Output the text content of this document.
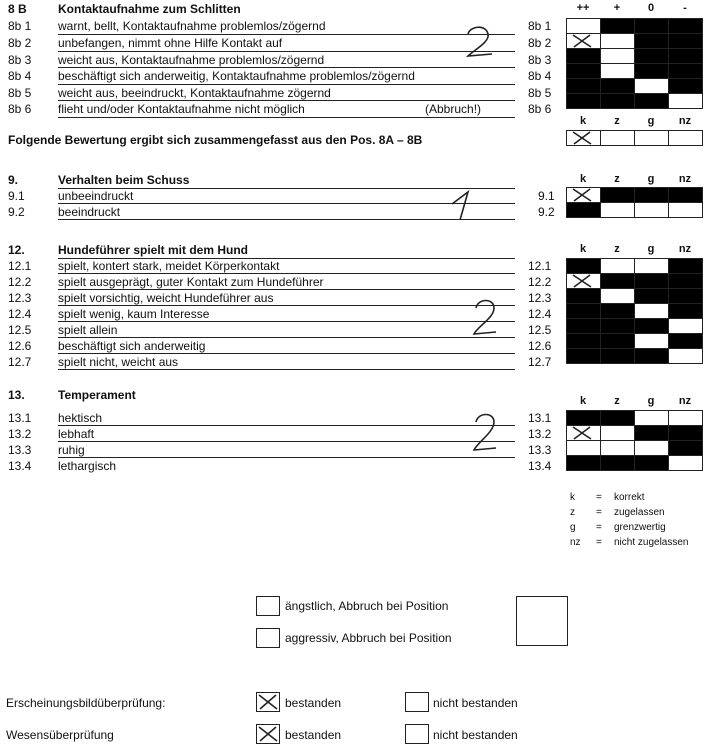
8 B	Kontaktaufnahme zum Schlitten	++	+	0	-
8b 1 warnt, bellt, Kontaktaufnahme problemlos/zögernd	8b 1
8b 2 unbefangen, nimmt ohne Hilfe Kontakt auf	8b 2
8b 3 weicht aus, Kontaktaufnahme problemlos/zögernd	8b 3
8b 4 beschäftigt sich anderweitig, Kontaktaufnahme problemlos/zögernd	8b 4
8b 5 weicht aus, beeindruckt, Kontaktaufnahme zögernd	8b 5
8b 6 flieht und/oder Kontaktaufnahme nicht möglich	(Abbruch!)	8b 6

Folgende Bewertung ergibt sich zusammengefasst aus den Pos. 8A – 8B
k	z	g	nz

9.	Verhalten beim Schuss	k	z	g	nz
9.1	unbeeindruckt	9.1
9.2	beeindruckt	9.2

12.	Hundeführer spielt mit dem Hund	k	z	g	nz
12.1 spielt, kontert stark, meidet Körperkontakt	12.1
12.2 spielt ausgeprägt, guter Kontakt zum Hundeführer	12.2
12.3 spielt vorsichtig, weicht Hundeführer aus	12.3
12.4 spielt wenig, kaum Interesse	12.4
12.5 spielt allein	12.5
12.6 beschäftigt sich anderweitig	12.6
12.7 spielt nicht, weicht aus	12.7

13.	Temperament	k	z	g	nz
13.1 hektisch	13.1
13.2 lebhaft	13.2
13.3 ruhig	13.3
13.4 lethargisch	13.4

k = korrekt
z = zugelassen
g = grenzwertig
nz = nicht zugelassen
ängstlich, Abbruch bei Position
aggressiv, Abbruch bei Position
Erscheinungsbildüberprüfung:	bestanden	nicht bestanden
Wesensüberprüfung	bestanden	nicht bestanden
